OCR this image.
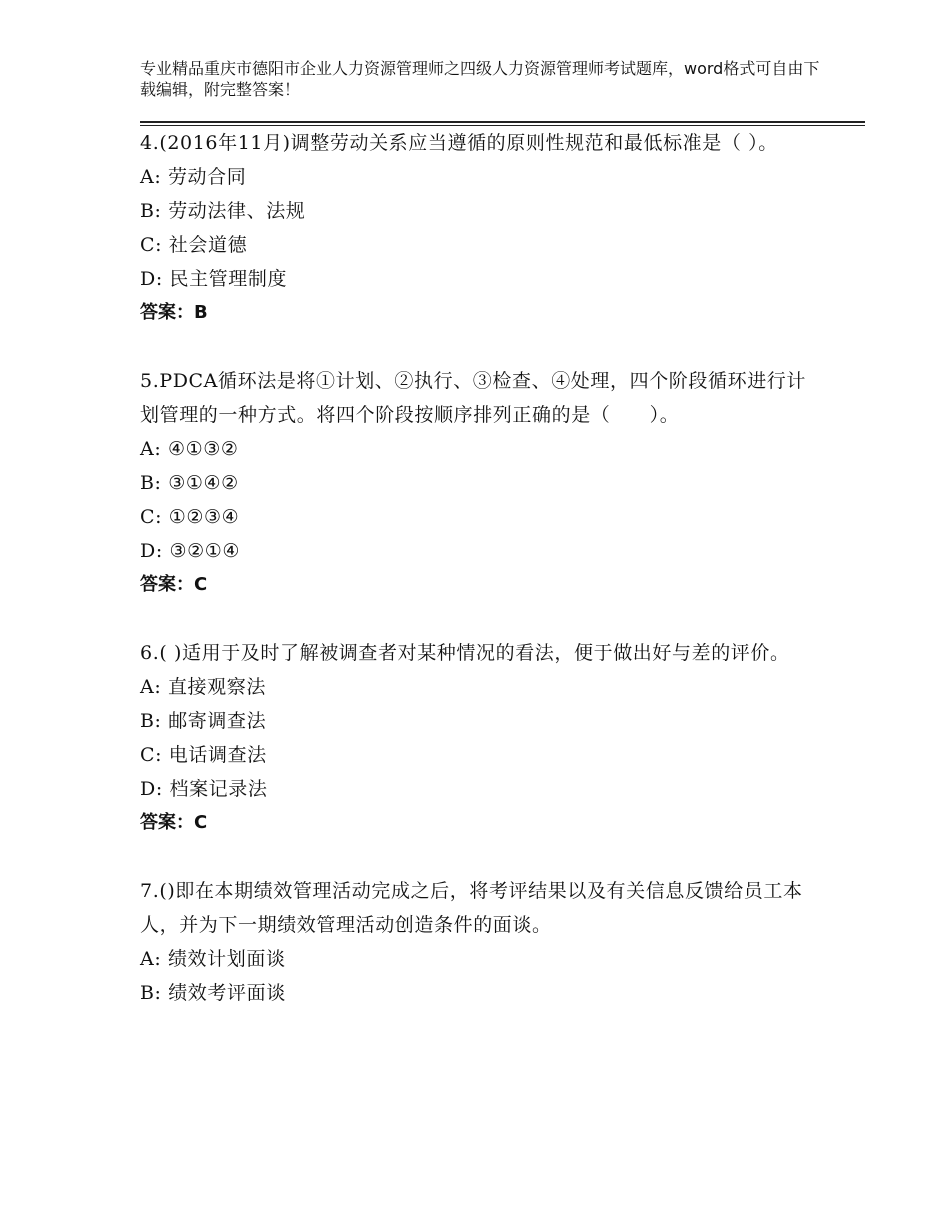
专业精品重庆市德阳市企业人力资源管理师之四级人力资源管理师考试题库，word格式可自由下载编辑，附完整答案！

4.(2016年11月)调整劳动关系应当遵循的原则性规范和最低标准是（ ）。

A: 劳动合同

B: 劳动法律、法规

C: 社会道德

D: 民主管理制度

答案：B

5.PDCA循环法是将①计划、②执行、③检查、④处理，四个阶段循环进行计划管理的一种方式。将四个阶段按顺序排列正确的是（　　）。

A: ④①③②

B: ③①④②

C: ①②③④

D: ③②①④

答案：C

6.( )适用于及时了解被调查者对某种情况的看法，便于做出好与差的评价。

A: 直接观察法

B: 邮寄调查法

C: 电话调查法

D: 档案记录法

答案：C

7.()即在本期绩效管理活动完成之后，将考评结果以及有关信息反馈给员工本人，并为下一期绩效管理活动创造条件的面谈。

A: 绩效计划面谈

B: 绩效考评面谈
